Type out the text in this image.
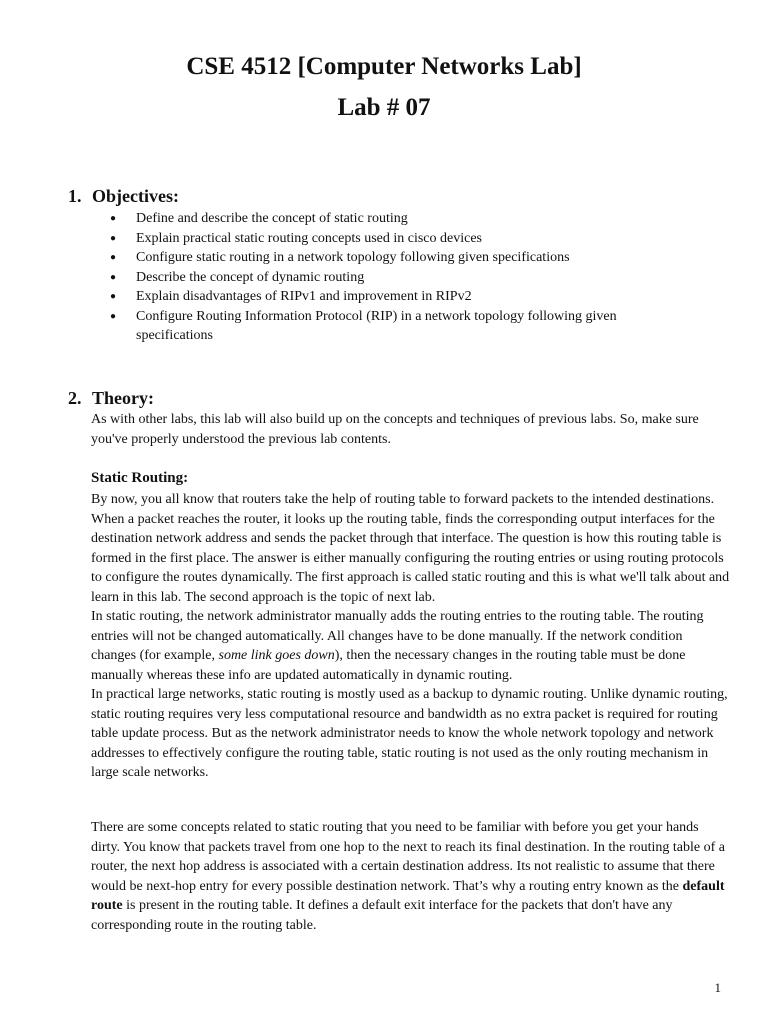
CSE 4512 [Computer Networks Lab]
Lab # 07
1. Objectives:
● Define and describe the concept of static routing
● Explain practical static routing concepts used in cisco devices
● Configure static routing in a network topology following given specifications
● Describe the concept of dynamic routing
● Explain disadvantages of RIPv1 and improvement in RIPv2
● Configure Routing Information Protocol (RIP) in a network topology following given specifications
2. Theory:

As with other labs, this lab will also build up on the concepts and techniques of previous labs. So, make sure you've properly understood the previous lab contents.

Static Routing:
By now, you all know that routers take the help of routing table to forward packets to the intended destinations. When a packet reaches the router, it looks up the routing table, finds the corresponding output interfaces for the destination network address and sends the packet through that interface. The question is how this routing table is formed in the first place. The answer is either manually configuring the routing entries or using routing protocols to configure the routes dynamically. The first approach is called static routing and this is what we'll talk about and learn in this lab. The second approach is the topic of next lab.
In static routing, the network administrator manually adds the routing entries to the routing table. The routing entries will not be changed automatically. All changes have to be done manually. If the network condition changes (for example, some link goes down), then the necessary changes in the routing table must be done manually whereas these info are updated automatically in dynamic routing.
In practical large networks, static routing is mostly used as a backup to dynamic routing. Unlike dynamic routing, static routing requires very less computational resource and bandwidth as no extra packet is required for routing table update process. But as the network administrator needs to know the whole network topology and network addresses to effectively configure the routing table, static routing is not used as the only routing mechanism in large scale networks.

There are some concepts related to static routing that you need to be familiar with before you get your hands dirty. You know that packets travel from one hop to the next to reach its final destination. In the routing table of a router, the next hop address is associated with a certain destination address. Its not realistic to assume that there would be next-hop entry for every possible destination network. That’s why a routing entry known as the default route is present in the routing table. It defines a default exit interface for the packets that don't have any corresponding route in the routing table.

1
